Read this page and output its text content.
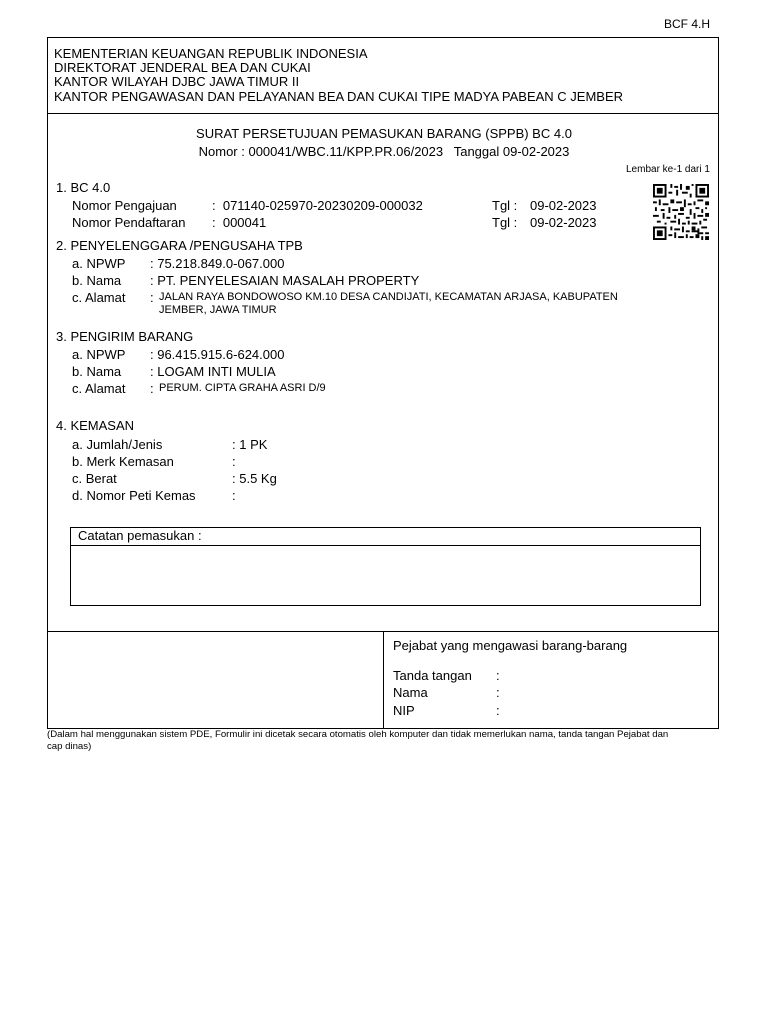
BCF 4.H
KEMENTERIAN KEUANGAN REPUBLIK INDONESIA
DIREKTORAT JENDERAL BEA DAN CUKAI
KANTOR WILAYAH DJBC JAWA TIMUR II
KANTOR PENGAWASAN DAN PELAYANAN BEA DAN CUKAI TIPE MADYA PABEAN C JEMBER
SURAT PERSETUJUAN PEMASUKAN BARANG (SPPB) BC 4.0
Nomor : 000041/WBC.11/KPP.PR.06/2023   Tanggal 09-02-2023
Lembar ke-1 dari 1
1. BC 4.0
Nomor Pengajuan	:  071140-025970-20230209-000032	Tgl : 09-02-2023
Nomor Pendaftaran :  000041	Tgl : 09-02-2023
2. PENYELENGGARA /PENGUSAHA TPB
a. NPWP : 75.218.849.0-067.000
b. Nama : PT. PENYELESAIAN MASALAH PROPERTY
c. Alamat : JALAN RAYA BONDOWOSO KM.10 DESA CANDIJATI, KECAMATAN ARJASA, KABUPATEN
JEMBER, JAWA TIMUR
3. PENGIRIM BARANG
a. NPWP : 96.415.915.6-624.000
b. Nama : LOGAM INTI MULIA
c. Alamat : PERUM. CIPTA GRAHA ASRI D/9
4. KEMASAN
a. Jumlah/Jenis	: 1 PK
b. Merk Kemasan	:
c. Berat	: 5.5 Kg
d. Nomor Peti Kemas	:
Catatan pemasukan :
Pejabat yang mengawasi barang-barang
Tanda tangan :
Nama	:
NIP	:
(Dalam hal menggunakan sistem PDE, Formulir ini dicetak secara otomatis oleh komputer dan tidak memerlukan nama, tanda tangan Pejabat dan
cap dinas)
